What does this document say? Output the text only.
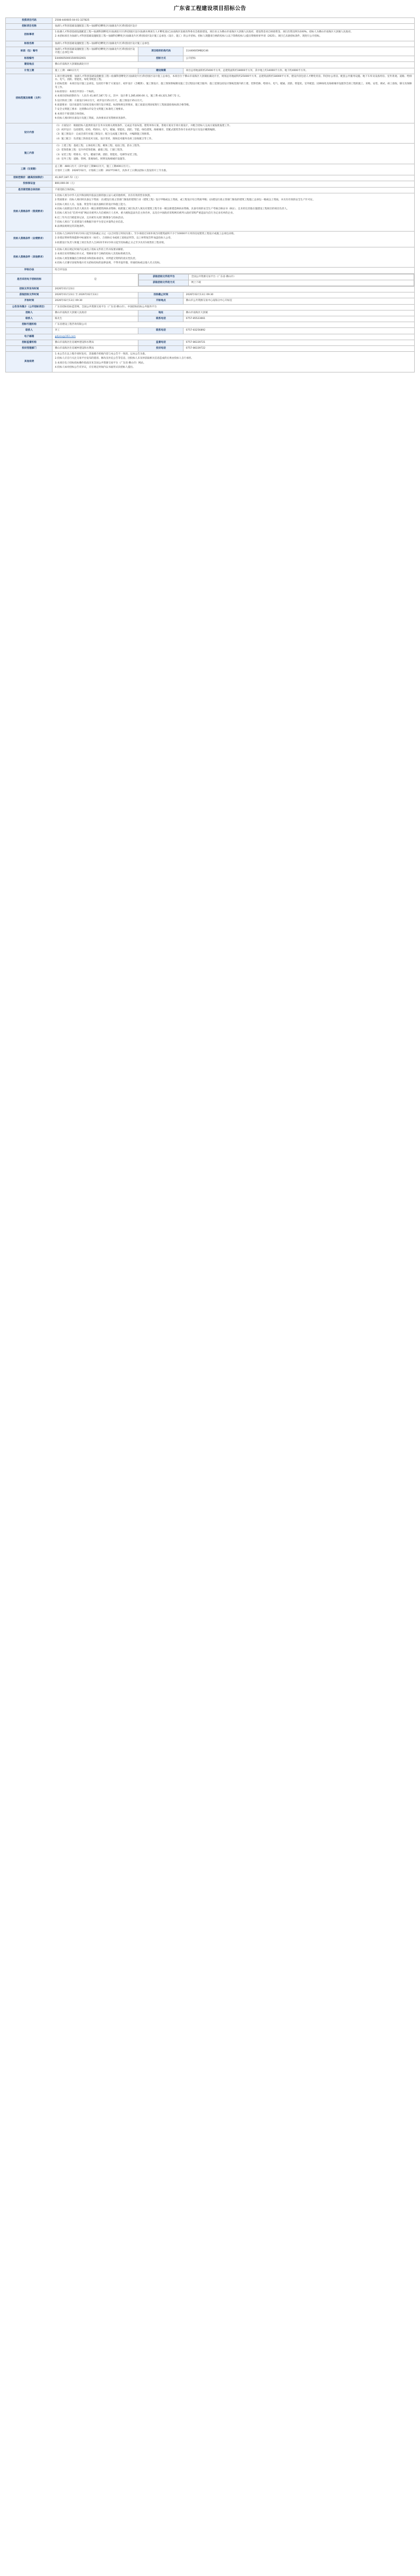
广东省工程建设项目招标公告
投资项目代码	2508-440605-04-01-327825
招标项目名称	仙湖人才科创基础设施配套工程—仙湖科创孵化区(仙湖北片区)科创园区设计
招标事项	
1.仙湖人才科创基础设施配套工程—仙湖科创孵化区(仙湖北片区)科创园区设计(仙湖水网再生人才孵化园)已由南海区发展改革委员会批准建设，项目业主为佛山市南海区大沥镇人民政府，建设资金来自财政资金，项目出资比例为100%。招标人为佛山市南海区大沥镇人民政府。
2.本招标项目为仙湖人才科创基础设施配套工程—仙湖科创孵化区(仙湖北片区)科创园区设计施工总承包（设计、施工）的公开招标，招标人现邀请合格的投标人(以下简称投标人)提出资格预审申请（2025）。项目已具备招标条件，现进行公开招标。

标段名称	仙湖人才科创基础设施配套工程—仙湖科创孵化区(仙湖北片区)科创园区设计施工总承包
标段（包）编号	仙湖人才科创基础设施配套工程—仙湖科创孵化区(仙湖北片区)科创园区设计施工总承包 01	项目组织机构代码	11440605MB2C46
标段编号	E4406050001500502001	招标方式	公开招标
建设地点	佛山市南海区大沥镇仙湖北片区
计划工期	施工工期：480日历天	建设规模	项目总用地面积约25000平方米，总建筑面积约18000平方米，其中地上约14000平方米、地下约4000平方米。
招标范围及规模（文件）	
1.项目建设规模：仙湖人才科创基础设施配套工程—仙湖科创孵化区(仙湖北片区)科创园区设计施工总承包，本项目位于佛山市南海区大沥镇仙湖北片区，规划总用地面积约25000平方米，总建筑面积约18000平方米，建设内容包括人才孵化用房、科创办公用房、配套公共服务设施、地下车库及设备用房、室外景观、道路、给排水、电气、消防、智能化、绿化等配套工程。
2.招标范围：本项目设计施工总承包，包括但不限于方案设计、初步设计（含概算）、施工图设计、施工图预算编制及施工全过程设计配合服务；施工范围包括设计图纸范围内的土建、装饰装修、给排水、电气、暖通、消防、智能化、室外配套、园林绿化及海绵城市设施等全部工程的施工、采购、安装、调试、竣工验收、移交及保修等工作。
3.标段划分：本项目共划分一个标段。
4.本项目招标控制价为：人民币 41,607,187.72 元，其中：设计费 1,285,600.00 元，施工费 40,321,587.72 元。
5.设计阶段工期：方案设计20日历天，初步设计25日历天，施工图设计35日历天。
6.质量要求：设计质量符合国家及地方现行设计规范、标准和规定的要求，施工质量达到国家现行工程质量验收标准合格等级。
7.安全文明施工要求：达到佛山市安全文明施工标准化工地要求。
8.本项目不接受联合体投标。
9.投标人须同时具备设计及施工资质，具体要求详见资格审查条件。

设计内容	
（1）方案设计：根据招标人提供的设计任务书及相关规划条件，完成总平面布置、建筑单体方案、景观方案及专项方案设计，并配合招标人完成方案报批报建工作。
（2）初步设计：包括建筑、结构、给排水、电气、暖通、智能化、消防、节能、绿色建筑、海绵城市、装配式建筑等各专业初步设计及设计概算编制。
（3）施工图设计：完成全部专业施工图设计，配合完成施工图审查，并编制施工图预算。
（4）施工配合：负责施工阶段技术交底、设计变更、现场技术服务及竣工验收配合等工作。

施工内容	
（1）土建工程：基础工程、主体结构工程、砌体工程、屋面工程、防水工程等。
（2）装饰装修工程：室内外装饰装修、幕墙工程、门窗工程等。
（3）安装工程：给排水、电气、暖通空调、消防、智能化、电梯等安装工程。
（4）室外工程：道路、管网、景观绿化、照明及海绵城市设施等。

工期（交货期）	
总工期：480日历天（其中设计工期80日历天，施工工期400日历天）。
计划开工日期：2026年02月，计划竣工日期：2027年06月，具体开工日期以招标人签发的开工令为准。

招标控制价（最高投标限价）	41,607,187.72（元）
投标保证金	800,000.00（元）
是否接受联合体投标	不接受联合体投标。
投标人资格条件（资质要求）	
1.投标人须为中华人民共和国境内依法注册的独立法人或其他组织，具有有效的营业执照。
2.资质要求：投标人须同时具备以下资质：(1)建设行政主管部门颁发的建筑行业（建筑工程）设计甲级或以上资质，或工程设计综合资质甲级；(2)建设行政主管部门颁发的建筑工程施工总承包一级或以上资质，并具有有效的安全生产许可证。
3.投标人须在人员、设备、资金等方面具备相应的设计和施工能力。
4.投标人拟派设计负责人须具有一级注册建筑师执业资格；拟派施工项目负责人须具有建筑工程专业一级注册建造师执业资格，具备有效的安全生产考核合格证书（B证），且未担任其他在施建设工程项目的项目负责人。
5.投标人须为在“信用中国”网站未被列入失信被执行人名单、重大税收违法失信主体名单，以及在中国政府采购网未被列入政府采购严重违法失信行为记录名单的企业。
6.近三年内无行贿犯罪记录，且未被有关部门限制参与投标活动。
7.投标人须在广东省建设行业数据开放平台登记并取得企业信息。
8.法律法规规定的其他条件。

投标人资格条件（业绩要求）	
1.投标人自2021年01月01日起至投标截止日止（以合同签订时间为准），至少承接过1项单项合同建筑面积不少于10000平方米的房屋建筑工程设计或施工总承包业绩。
2.业绩证明材料须提供中标通知书（如有）、合同协议书或竣工验收证明等，以上材料复印件加盖投标人公章。
3.拟派设计负责人和施工项目负责人自2021年01月01日起至投标截止日止至少具有1项类似工程业绩。

投标人资格条件（其他要求）	
1.投标人须在规定时间内完成电子投标文件的上传并按要求解密。
2.本项目采用资格后审方式，资格审查不合格的投标人其投标将被否决。
3.投标人须签署廉洁自律承诺书和投标承诺书，对所提交资料的真实性负责。
4.投标人应遵守国家和地方有关招标投标的法律法规，不得弄虚作假、串通投标或以他人名义投标。

评标办法	综合评估法
是否采用电子招标投标	是	
获取招标文件的平台	全国公共资源交易平台（广东省·佛山市）
获取招标文件的方式	网上下载

招标文件发布时间	2026年01月23日
获取招标文件时间	2026年01月23日 至 2026年02月13日	投标截止时间	2026年02月13日 09:30
开标时间	2026年02月13日 09:30	开标地点	佛山市公共资源交易中心南海分中心开标室
公告发布媒介（公开招标项目）	广东省招标投标监管网、全国公共资源交易平台（广东省·佛山市）、中国招标投标公共服务平台
招标人	佛山市南海区大沥镇人民政府	地址	佛山市南海区大沥镇
联系人	陈先生	联系电话	0757-85523661
招标代理机构	广东省建设工程咨询有限公司
联系人	李工	联系电话	0757-83256892
电子邮箱	gdjszx@163.com
招标监督机构	佛山市南海区住房城乡建设和水利局	监督电话	0757-86339721
投诉受理部门	佛山市南海区住房城乡建设和水利局	投诉电话	0757-86339722
其他说明	
1.本公告在以上媒介同时发布，其他媒介转载内容与本公告不一致的，以本公告为准。
2.投标人应自行关注交易平台发布的澄清、修改及补充公告等信息，因投标人未及时获取相关信息造成的后果由投标人自行承担。
3.本项目电子招标投标操作指南详见全国公共资源交易平台（广东省·佛山市）网站。
4.投标人如对招标公告有异议，应在规定时间内以书面形式向招标人提出。
